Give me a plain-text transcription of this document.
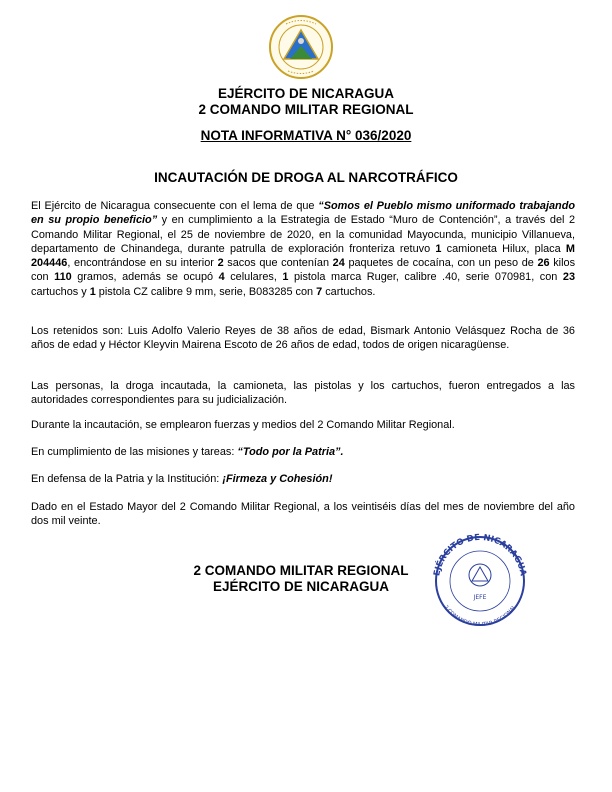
EJÉRCITO DE NICARAGUA
2 COMANDO MILITAR REGIONAL
NOTA INFORMATIVA N° 036/2020
INCAUTACIÓN DE DROGA AL NARCOTRÁFICO
El Ejército de Nicaragua consecuente con el lema de que “Somos el Pueblo mismo uniformado trabajando en su propio beneficio” y en cumplimiento a la Estrategia de Estado “Muro de Contención”, a través del 2 Comando Militar Regional, el 25 de noviembre de 2020, en la comunidad Mayocunda, municipio Villanueva, departamento de Chinandega, durante patrulla de exploración fronteriza retuvo 1 camioneta Hilux, placa M 204446, encontrándose en su interior 2 sacos que contenían 24 paquetes de cocaína, con un peso de 26 kilos con 110 gramos, además se ocupó 4 celulares, 1 pistola marca Ruger, calibre .40, serie 070981, con 23 cartuchos y 1 pistola CZ calibre 9 mm, serie, B083285 con 7 cartuchos.
Los retenidos son: Luis Adolfo Valerio Reyes de 38 años de edad, Bismark Antonio Velásquez Rocha de 36 años de edad y Héctor Kleyvin Mairena Escoto de 26 años de edad, todos de origen nicaragüense.
Las personas, la droga incautada, la camioneta, las pistolas y los cartuchos, fueron entregados a las autoridades correspondientes para su judicialización.
Durante la incautación, se emplearon fuerzas y medios del 2 Comando Militar Regional.
En cumplimiento de las misiones y tareas: “Todo por la Patria”.
En defensa de la Patria y la Institución: ¡Firmeza y Cohesión!
Dado en el Estado Mayor del 2 Comando Militar Regional, a los veintiséis días del mes de noviembre del año dos mil veinte.
2 COMANDO MILITAR REGIONAL
EJÉRCITO DE NICARAGUA
EJÉRCITO DE NICARAGUA
2 COMANDO MILITAR REGIONAL
JEFE
